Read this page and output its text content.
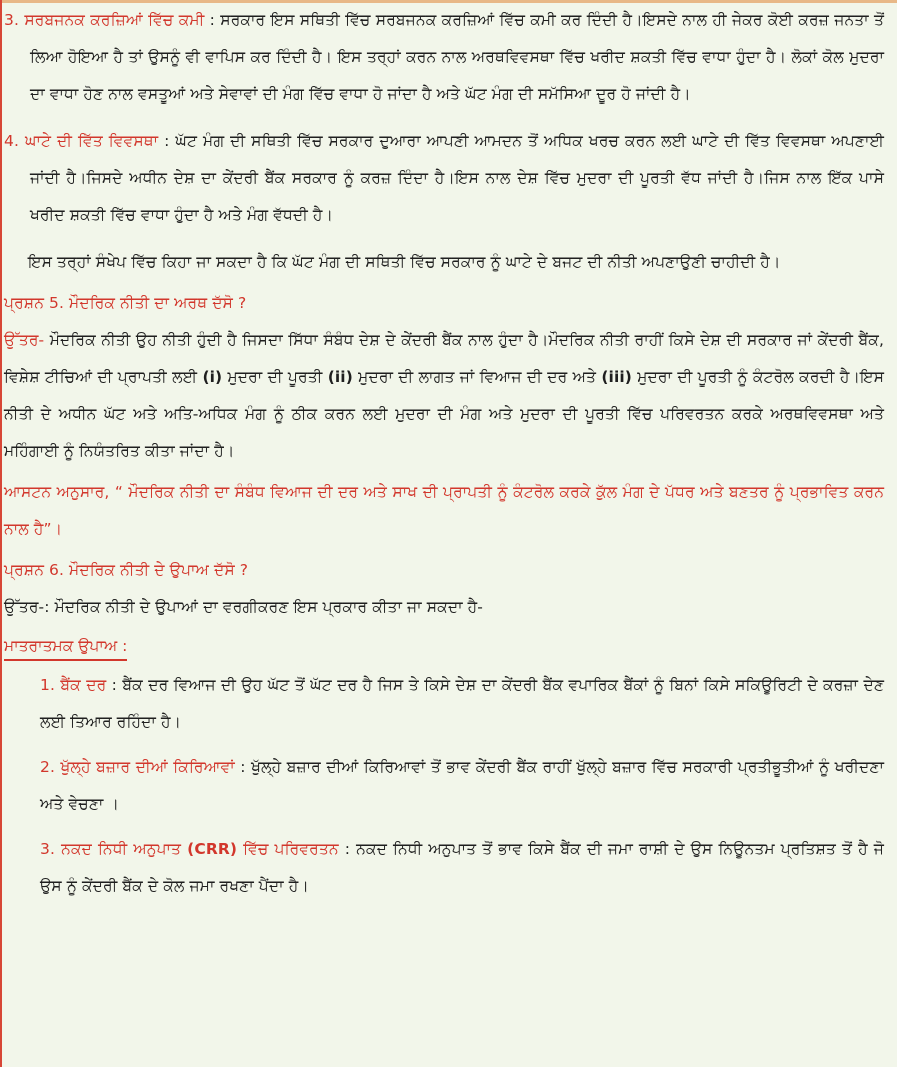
3. ਸਰਬਜਨਕ ਕਰਜ਼ਿਆਂ ਵਿੱਚ ਕਮੀ : ਸਰਕਾਰ ਇਸ ਸਥਿਤੀ ਵਿੱਚ ਸਰਬਜਨਕ ਕਰਜ਼ਿਆਂ ਵਿੱਚ ਕਮੀ ਕਰ ਦਿੰਦੀ ਹੈ।ਇਸਦੇ ਨਾਲ ਹੀ ਜੇਕਰ ਕੋਈ ਕਰਜ਼ ਜਨਤਾ ਤੋਂ ਲਿਆ ਹੋਇਆ ਹੈ ਤਾਂ ਉਸਨੂੰ ਵੀ ਵਾਪਿਸ ਕਰ ਦਿੰਦੀ ਹੈ। ਇਸ ਤਰ੍ਹਾਂ ਕਰਨ ਨਾਲ ਅਰਥਵਿਵਸਥਾ ਵਿੱਚ ਖਰੀਦ ਸ਼ਕਤੀ ਵਿੱਚ ਵਾਧਾ ਹੁੰਦਾ ਹੈ। ਲੋਕਾਂ ਕੋਲ ਮੁਦਰਾ ਦਾ ਵਾਧਾ ਹੋਣ ਨਾਲ ਵਸਤੂਆਂ ਅਤੇ ਸੇਵਾਵਾਂ ਦੀ ਮੰਗ ਵਿੱਚ ਵਾਧਾ ਹੋ ਜਾਂਦਾ ਹੈ ਅਤੇ ਘੱਟ ਮੰਗ ਦੀ ਸਮੱਸਿਆ ਦੂਰ ਹੋ ਜਾਂਦੀ ਹੈ।

4. ਘਾਟੇ ਦੀ ਵਿੱਤ ਵਿਵਸਥਾ : ਘੱਟ ਮੰਗ ਦੀ ਸਥਿਤੀ ਵਿੱਚ ਸਰਕਾਰ ਦੁਆਰਾ ਆਪਣੀ ਆਮਦਨ ਤੋਂ ਅਧਿਕ ਖਰਚ ਕਰਨ ਲਈ ਘਾਟੇ ਦੀ ਵਿੱਤ ਵਿਵਸਥਾ ਅਪਣਾਈ ਜਾਂਦੀ ਹੈ।ਜਿਸਦੇ ਅਧੀਨ ਦੇਸ਼ ਦਾ ਕੇਂਦਰੀ ਬੈਂਕ ਸਰਕਾਰ ਨੂੰ ਕਰਜ਼ ਦਿੰਦਾ ਹੈ।ਇਸ ਨਾਲ ਦੇਸ਼ ਵਿੱਚ ਮੁਦਰਾ ਦੀ ਪੂਰਤੀ ਵੱਧ ਜਾਂਦੀ ਹੈ।ਜਿਸ ਨਾਲ ਇੱਕ ਪਾਸੇ ਖਰੀਦ ਸ਼ਕਤੀ ਵਿੱਚ ਵਾਧਾ ਹੁੰਦਾ ਹੈ ਅਤੇ ਮੰਗ ਵੱਧਦੀ ਹੈ।

ਇਸ ਤਰ੍ਹਾਂ ਸੰਖੇਪ ਵਿੱਚ ਕਿਹਾ ਜਾ ਸਕਦਾ ਹੈ ਕਿ ਘੱਟ ਮੰਗ ਦੀ ਸਥਿਤੀ ਵਿੱਚ ਸਰਕਾਰ ਨੂੰ ਘਾਟੇ ਦੇ ਬਜਟ ਦੀ ਨੀਤੀ ਅਪਣਾਉਣੀ ਚਾਹੀਦੀ ਹੈ।

ਪ੍ਰਸ਼ਨ 5. ਮੌਦਰਿਕ ਨੀਤੀ ਦਾ ਅਰਥ ਦੱਸੋ ?

ਉੱਤਰ- ਮੌਦਰਿਕ ਨੀਤੀ ਉਹ ਨੀਤੀ ਹੁੰਦੀ ਹੈ ਜਿਸਦਾ ਸਿੱਧਾ ਸੰਬੰਧ ਦੇਸ਼ ਦੇ ਕੇਂਦਰੀ ਬੈਂਕ ਨਾਲ ਹੁੰਦਾ ਹੈ।ਮੌਦਰਿਕ ਨੀਤੀ ਰਾਹੀਂ ਕਿਸੇ ਦੇਸ਼ ਦੀ ਸਰਕਾਰ ਜਾਂ ਕੇਂਦਰੀ ਬੈਂਕ, ਵਿਸ਼ੇਸ਼ ਟੀਚਿਆਂ ਦੀ ਪ੍ਰਾਪਤੀ ਲਈ (i) ਮੁਦਰਾ ਦੀ ਪੂਰਤੀ (ii) ਮੁਦਰਾ ਦੀ ਲਾਗਤ ਜਾਂ ਵਿਆਜ ਦੀ ਦਰ ਅਤੇ (iii) ਮੁਦਰਾ ਦੀ ਪੂਰਤੀ ਨੂੰ ਕੰਟਰੋਲ ਕਰਦੀ ਹੈ।ਇਸ ਨੀਤੀ ਦੇ ਅਧੀਨ ਘੱਟ ਅਤੇ ਅਤਿ-ਅਧਿਕ ਮੰਗ ਨੂੰ ਠੀਕ ਕਰਨ ਲਈ ਮੁਦਰਾ ਦੀ ਮੰਗ ਅਤੇ ਮੁਦਰਾ ਦੀ ਪੂਰਤੀ ਵਿੱਚ ਪਰਿਵਰਤਨ ਕਰਕੇ ਅਰਥਵਿਵਸਥਾ ਅਤੇ ਮਹਿੰਗਾਈ ਨੂੰ ਨਿਯੰਤਰਿਤ ਕੀਤਾ ਜਾਂਦਾ ਹੈ।

ਆਸਟਨ ਅਨੁਸਾਰ, “ ਮੌਦਰਿਕ ਨੀਤੀ ਦਾ ਸੰਬੰਧ ਵਿਆਜ ਦੀ ਦਰ ਅਤੇ ਸਾਖ ਦੀ ਪ੍ਰਾਪਤੀ ਨੂੰ ਕੰਟਰੋਲ ਕਰਕੇ ਕੁੱਲ ਮੰਗ ਦੇ ਪੱਧਰ ਅਤੇ ਬਣਤਰ ਨੂੰ ਪ੍ਰਭਾਵਿਤ ਕਰਨ ਨਾਲ ਹੈ”।

ਪ੍ਰਸ਼ਨ 6. ਮੌਦਰਿਕ ਨੀਤੀ ਦੇ ਉਪਾਅ ਦੱਸੋ ?

ਉੱਤਰ-: ਮੌਦਰਿਕ ਨੀਤੀ ਦੇ ਉਪਾਆਂ ਦਾ ਵਰਗੀਕਰਣ ਇਸ ਪ੍ਰਕਾਰ ਕੀਤਾ ਜਾ ਸਕਦਾ ਹੈ-

ਮਾਤਰਾਤਮਕ ਉਪਾਅ :

1. ਬੈਂਕ ਦਰ : ਬੈਂਕ ਦਰ ਵਿਆਜ ਦੀ ਉਹ ਘੱਟ ਤੋਂ ਘੱਟ ਦਰ ਹੈ ਜਿਸ ਤੇ ਕਿਸੇ ਦੇਸ਼ ਦਾ ਕੇਂਦਰੀ ਬੈਂਕ ਵਪਾਰਿਕ ਬੈਂਕਾਂ ਨੂੰ ਬਿਨਾਂ ਕਿਸੇ ਸਕਿਊਰਿਟੀ ਦੇ ਕਰਜ਼ਾ ਦੇਣ ਲਈ ਤਿਆਰ ਰਹਿੰਦਾ ਹੈ।

2. ਖੁੱਲ੍ਹੇ ਬਜ਼ਾਰ ਦੀਆਂ ਕਿਰਿਆਵਾਂ : ਖੁੱਲ੍ਹੇ ਬਜ਼ਾਰ ਦੀਆਂ ਕਿਰਿਆਵਾਂ ਤੋਂ ਭਾਵ ਕੇਂਦਰੀ ਬੈਂਕ ਰਾਹੀਂ ਖੁੱਲ੍ਹੇ ਬਜ਼ਾਰ ਵਿੱਚ ਸਰਕਾਰੀ ਪ੍ਰਤੀਭੂਤੀਆਂ ਨੂੰ ਖਰੀਦਣਾ ਅਤੇ ਵੇਚਣਾ ।

3. ਨਕਦ ਨਿਧੀ ਅਨੁਪਾਤ (CRR) ਵਿੱਚ ਪਰਿਵਰਤਨ : ਨਕਦ ਨਿਧੀ ਅਨੁਪਾਤ ਤੋਂ ਭਾਵ ਕਿਸੇ ਬੈਂਕ ਦੀ ਜਮਾ ਰਾਸ਼ੀ ਦੇ ਉਸ ਨਿਊਨਤਮ ਪ੍ਰਤਿਸ਼ਤ ਤੋਂ ਹੈ ਜੋ ਉਸ ਨੂੰ ਕੇਂਦਰੀ ਬੈਂਕ ਦੇ ਕੋਲ ਜਮਾ ਰਖਣਾ ਪੈਂਦਾ ਹੈ।
